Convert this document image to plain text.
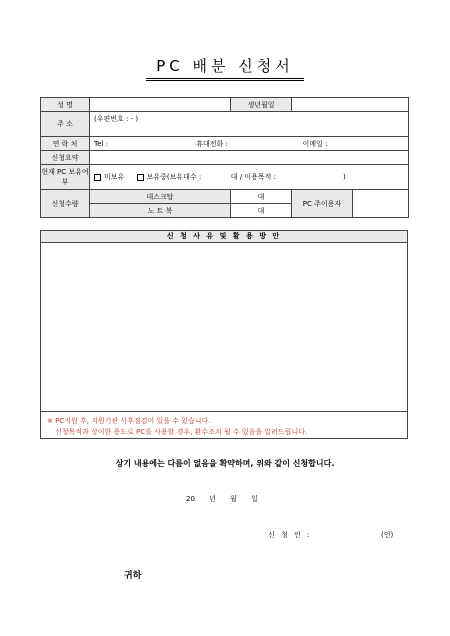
PC 배분 신청서
성 명		생년월일		
주 소	(우편번호 : - )			
연 락 처	Tel : 휴대전화 : 이메일 :			
신청요약				
현재 PC 보유여부	미보유 보유중(보유대수 : 대 / 이용목적 : )			
신청수량	데스크탑	대	PC 주이용자	
	노 트 북	대		
신 청 사 유 및 활 용 방 안
※ PC지원 후, 지원기관 사후점검이 있을 수 있습니다.
신청목적과 상이한 용도로 PC를 사용할 경우, 환수조치 될 수 있음을 알려드립니다.
상기 내용에는 다름이 없음을 확약하며, 위와 같이 신청합니다.
20 년 월 일
신 청 인 :	(인)
귀하
